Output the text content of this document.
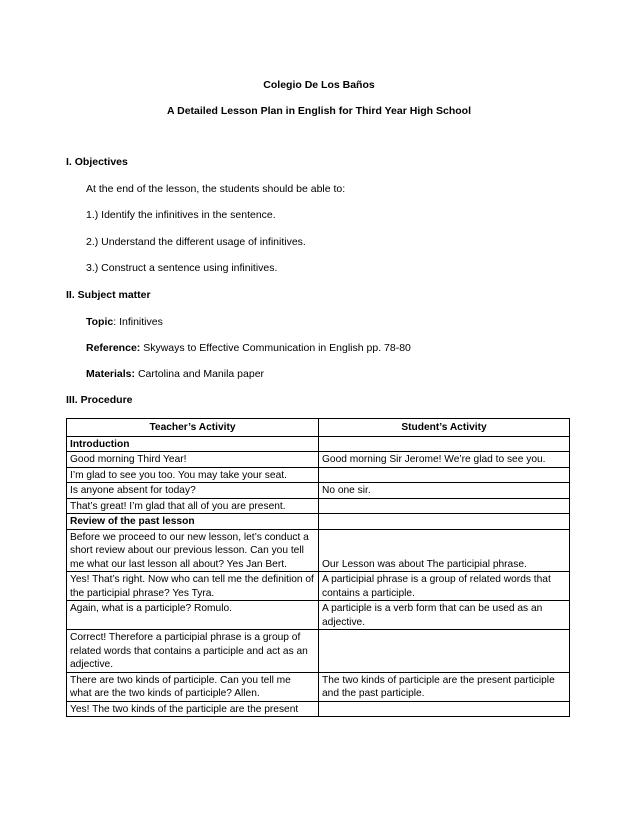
Colegio De Los Baños
A Detailed Lesson Plan in English for Third Year High School
I. Objectives
At the end of the lesson, the students should be able to:
1.) Identify the infinitives in the sentence.
2.) Understand the different usage of infinitives.
3.) Construct a sentence using infinitives.
II. Subject matter
Topic: Infinitives
Reference: Skyways to Effective Communication in English pp. 78-80
Materials: Cartolina and Manila paper
III. Procedure
Teacher’s Activity	Student’s Activity
Introduction	
Good morning Third Year!	Good morning Sir Jerome! We’re glad to see you.
I’m glad to see you too. You may take your seat.	
Is anyone absent for today?	No one sir.
That’s great! I’m glad that all of you are present.	
Review of the past lesson	
Before we proceed to our new lesson, let’s conduct a short review about our previous lesson. Can you tell me what our last lesson all about? Yes Jan Bert.	Our Lesson was about The participial phrase.
Yes! That’s right. Now who can tell me the definition of the participial phrase? Yes Tyra.	A participial phrase is a group of related words that contains a participle.
Again, what is a participle? Romulo.	A participle is a verb form that can be used as an adjective.
Correct! Therefore a participial phrase is a group of related words that contains a participle and act as an adjective.	
There are two kinds of participle. Can you tell me what are the two kinds of participle? Allen.	The two kinds of participle are the present participle and the past participle.
Yes! The two kinds of the participle are the present	
